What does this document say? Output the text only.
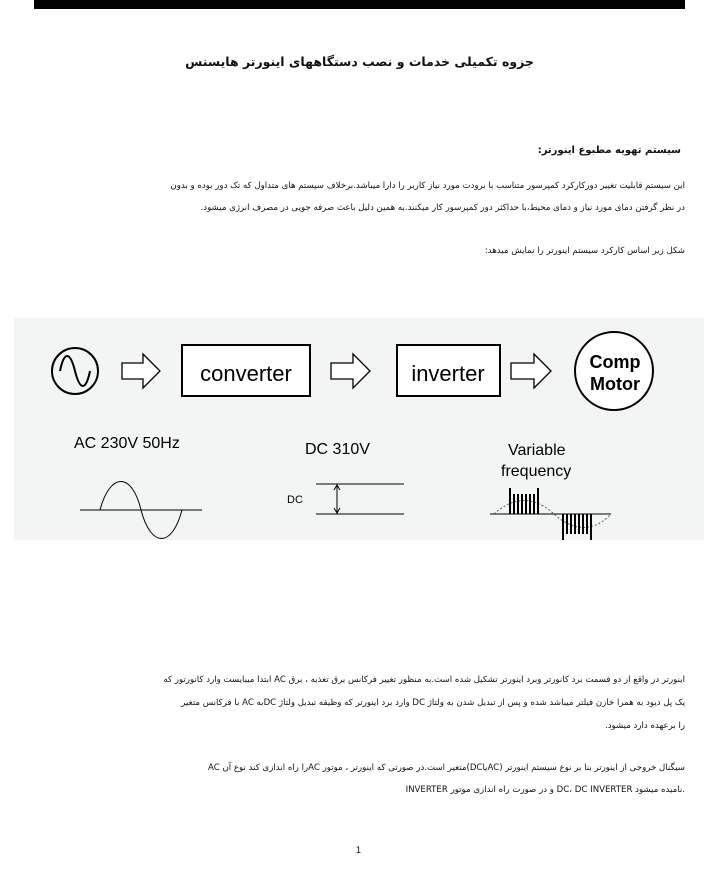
جزوه تکمیلی خدمات و نصب دستگاههای اینورتر هایسنس
سیستم تهویه مطبوع اینورتر:
این سیستم قابلیت تغییر دورکارکرد کمپرسور متناسب با برودت مورد نیاز کاربر را دارا میباشد.برخلاف سیستم های متداول که تک دور بوده و بدون
در نظر گرفتن دمای مورد نیاز و دمای محیط،با حداکثر دور کمپرسور کار میکنند.به همین دلیل باعث صرفه جویی در مصرف انرژی میشود.
شکل زیر اساس کارکرد سیستم اینورتر را نمایش میدهد:
converter	inverter	Comp
Motor
AC 230V 50Hz	DC 310V	Variable
frequency
DC
اینورتر در واقع از دو قسمت برد کانورتر وبرد اینورتر تشکیل شده است.به منظور تغییر فرکانس برق تغذیه ، برق AC ابتدا میبایست وارد کانورتور که
یک پل دیود به همرا خازن فیلتر میباشد شده و پس از تبدیل شدن به ولتاژ DC وارد برد اینورتر که وظیفه تبدیل ولتاژ DCبه AC با فرکانس متغیر
را برعهده دارد میشود.
سیگنال خروجی از اینورتر بنا بر نوع سیستم اینورتر (ACیاDC)متغیر است.در صورتی که اینورتر ، موتور ACرا راه اندازی کند نوع آن AC
INVERTER و در صورت راه اندازی موتور DC، DC INVERTER نامیده میشود.
1
